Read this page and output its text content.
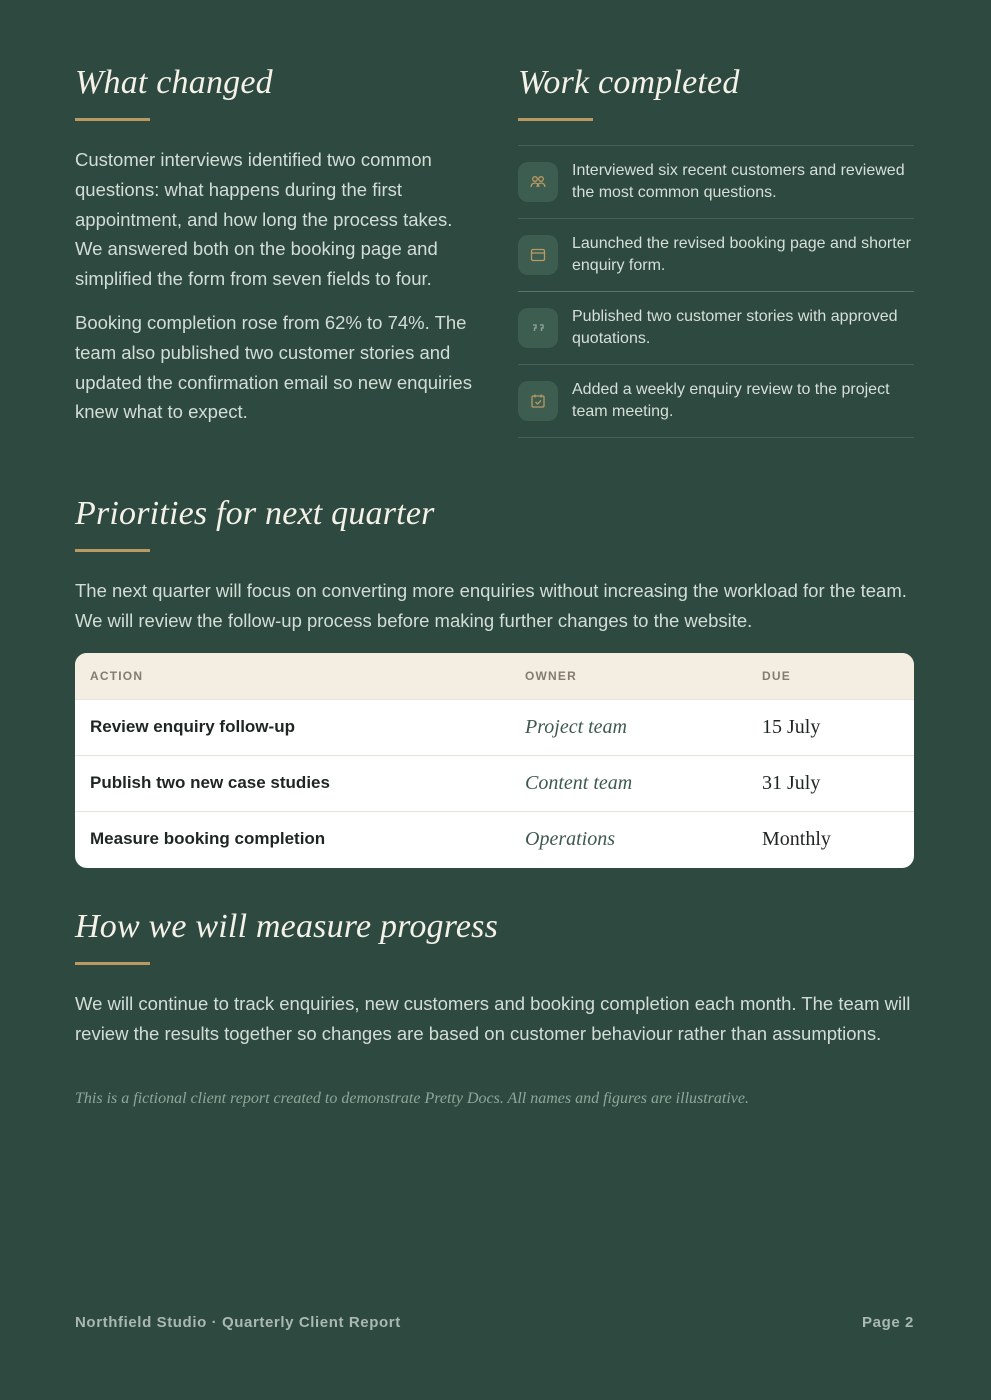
What changed

Customer interviews identified two common questions: what happens during the first appointment, and how long the process takes. We answered both on the booking page and simplified the form from seven fields to four.

Booking completion rose from 62% to 74%. The team also published two customer stories and updated the confirmation email so new enquiries knew what to expect.

Work completed
Interviewed six recent customers and reviewed the most common questions.
Launched the revised booking page and shorter enquiry form.
Published two customer stories with approved quotations.
Added a weekly enquiry review to the project team meeting.
Priorities for next quarter

The next quarter will focus on converting more enquiries without increasing the workload for the team. We will review the follow-up process before making further changes to the website.

ACTION	OWNER	DUE
Review enquiry follow-up	Project team	15 July
Publish two new case studies	Content team	31 July
Measure booking completion	Operations	Monthly
How we will measure progress

We will continue to track enquiries, new customers and booking completion each month. The team will review the results together so changes are based on customer behaviour rather than assumptions.

This is a fictional client report created to demonstrate Pretty Docs. All names and figures are illustrative.
Northfield Studio · Quarterly Client Report	Page 2
